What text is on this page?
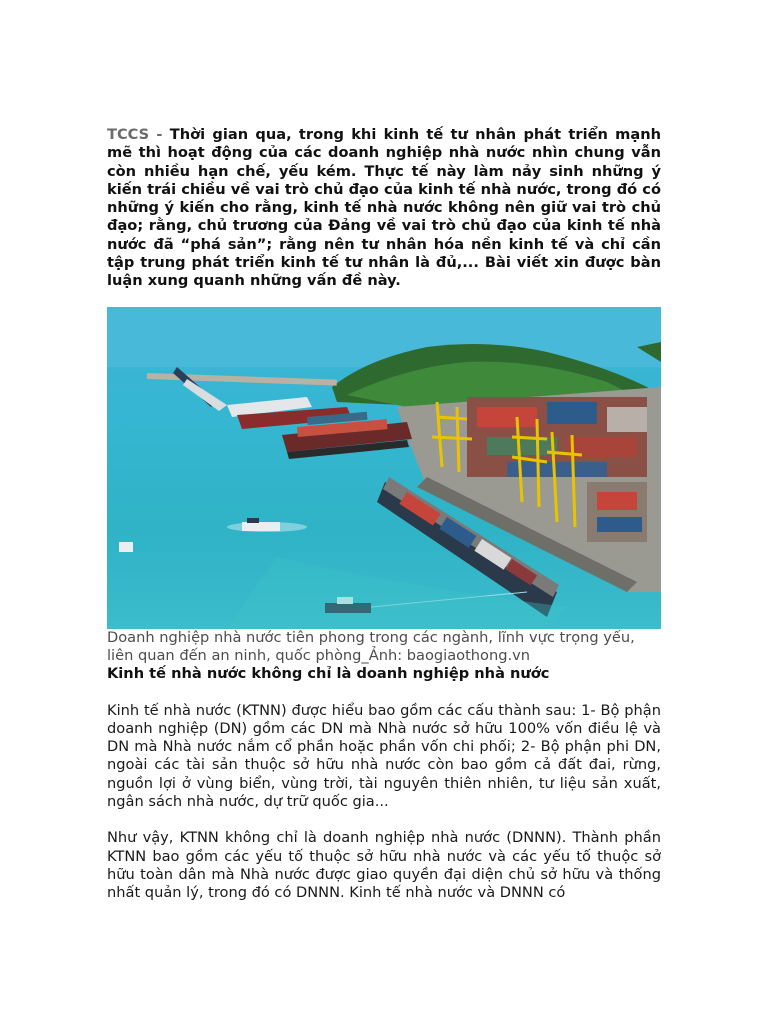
TCCS - Thời gian qua, trong khi kinh tế tư nhân phát triển mạnh mẽ thì hoạt động của các doanh nghiệp nhà nước nhìn chung vẫn còn nhiều hạn chế, yếu kém. Thực tế này làm nảy sinh những ý kiến trái chiều về vai trò chủ đạo của kinh tế nhà nước, trong đó có những ý kiến cho rằng, kinh tế nhà nước không nên giữ vai trò chủ đạo; rằng, chủ trương của Đảng về vai trò chủ đạo của kinh tế nhà nước đã “phá sản”; rằng nên tư nhân hóa nền kinh tế và chỉ cần tập trung phát triển kinh tế tư nhân là đủ,... Bài viết xin được bàn luận xung quanh những vấn đề này.

Doanh nghiệp nhà nước tiên phong trong các ngành, lĩnh vực trọng yếu, liên quan đến an ninh, quốc phòng_Ảnh: baogiaothong.vn

Kinh tế nhà nước không chỉ là doanh nghiệp nhà nước

Kinh tế nhà nước (KTNN) được hiểu bao gồm các cấu thành sau: 1- Bộ phận doanh nghiệp (DN) gồm các DN mà Nhà nước sở hữu 100% vốn điều lệ và DN mà Nhà nước nắm cổ phần hoặc phần vốn chi phối; 2- Bộ phận phi DN, ngoài các tài sản thuộc sở hữu nhà nước còn bao gồm cả đất đai, rừng, nguồn lợi ở vùng biển, vùng trời, tài nguyên thiên nhiên, tư liệu sản xuất, ngân sách nhà nước, dự trữ quốc gia...

Như vậy, KTNN không chỉ là doanh nghiệp nhà nước (DNNN). Thành phần KTNN bao gồm các yếu tố thuộc sở hữu nhà nước và các yếu tố thuộc sở hữu toàn dân mà Nhà nước được giao quyền đại diện chủ sở hữu và thống nhất quản lý, trong đó có DNNN. Kinh tế nhà nước và DNNN có
